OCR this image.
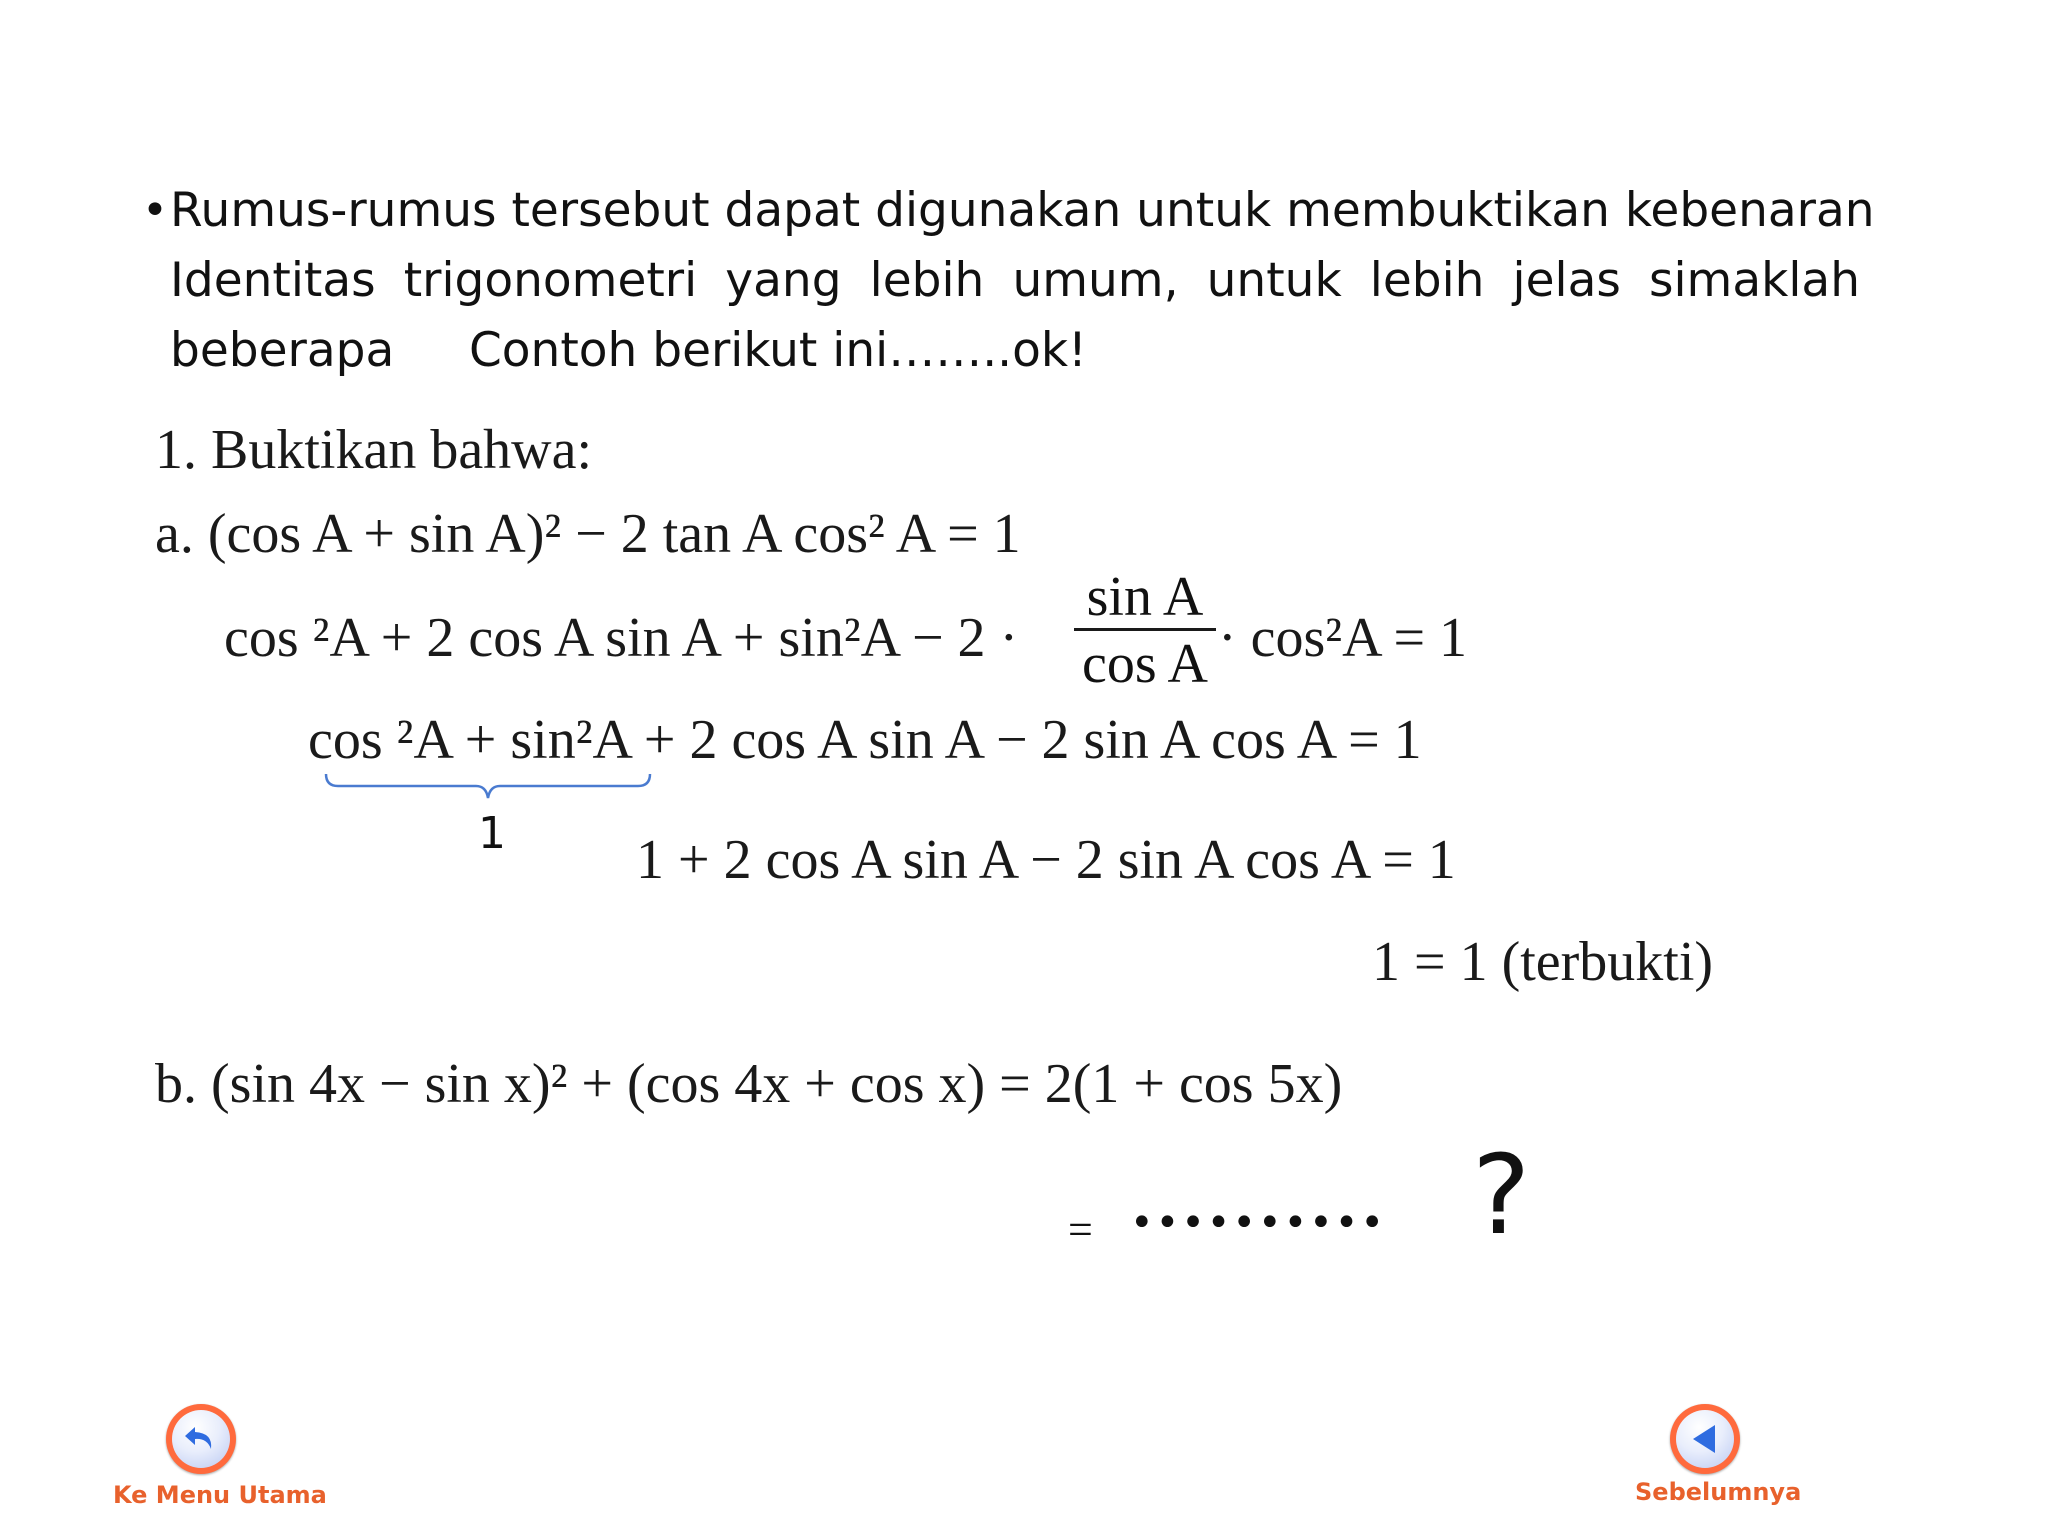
• Rumus-rumus tersebut dapat digunakan untuk membuktikan kebenaran
Identitas trigonometri yang lebih umum, untuk lebih jelas simaklah
beberapa     Contoh berikut ini……..ok!
1. Buktikan bahwa:
a. (cos A + sin A)² − 2 tan A cos² A = 1
cos ²A + 2 cos A sin A + sin²A − 2 ·
sin A
cos A · cos²A = 1
cos ²A + sin²A + 2 cos A sin A − 2 sin A cos A = 1
1 1 + 2 cos A sin A − 2 sin A cos A = 1
1 = 1 (terbukti)
b. (sin 4x − sin x)² + (cos 4x + cos x) = 2(1 + cos 5x)
= •••••••••• ?
Ke Menu Utama	Sebelumnya
